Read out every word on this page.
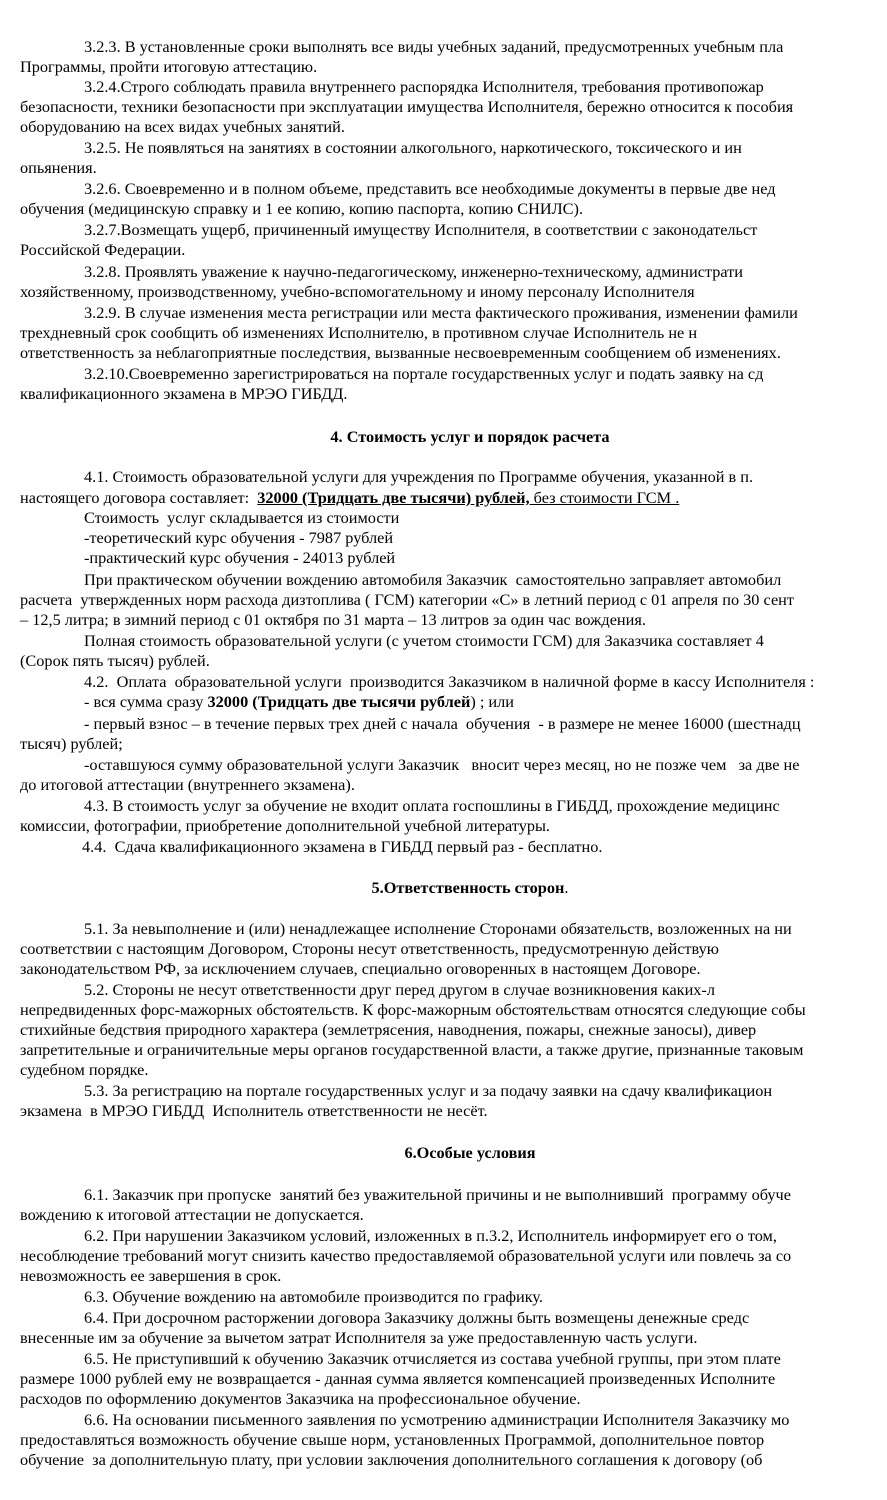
3.2.3. В установленные сроки выполнять все виды учебных заданий, предусмотренных учебным пла
Программы, пройти итоговую аттестацию.
3.2.4.Строго соблюдать правила внутреннего распорядка Исполнителя, требования противопожар
безопасности, техники безопасности при эксплуатации имущества Исполнителя, бережно относится к пособия
оборудованию на всех видах учебных занятий.
3.2.5. Не появляться на занятиях в состоянии алкогольного, наркотического, токсического и ин
опьянения.
3.2.6. Своевременно и в полном объеме, представить все необходимые документы в первые две нед
обучения (медицинскую справку и 1 ее копию, копию паспорта, копию СНИЛС).
3.2.7.Возмещать ущерб, причиненный имуществу Исполнителя, в соответствии с законодательст
Российской Федерации.
3.2.8. Проявлять уважение к научно-педагогическому, инженерно-техническому, администрати
хозяйственному, производственному, учебно-вспомогательному и иному персоналу Исполнителя
3.2.9. В случае изменения места регистрации или места фактического проживания, изменении фамили
трехдневный срок сообщить об изменениях Исполнителю, в противном случае Исполнитель не н
ответственность за неблагоприятные последствия, вызванные несвоевременным сообщением об изменениях.
3.2.10.Своевременно зарегистрироваться на портале государственных услуг и подать заявку на сд
квалификационного экзамена в МРЭО ГИБДД.
4. Стоимость услуг и порядок расчета
4.1. Стоимость образовательной услуги для учреждения по Программе обучения, указанной в п.
настоящего договора составляет:  32000 (Тридцать две тысячи) рублей, без стоимости ГСМ .
Стоимость  услуг складывается из стоимости
-теоретический курс обучения - 7987 рублей
-практический курс обучения - 24013 рублей
При практическом обучении вождению автомобиля Заказчик  самостоятельно заправляет автомобил
расчета  утвержденных норм расхода дизтоплива ( ГСМ) категории «С» в летний период с 01 апреля по 30 сент
– 12,5 литра; в зимний период с 01 октября по 31 марта – 13 литров за один час вождения.
Полная стоимость образовательной услуги (с учетом стоимости ГСМ) для Заказчика составляет 4
(Сорок пять тысяч) рублей.
4.2.  Оплата  образовательной услуги  производится Заказчиком в наличной форме в кассу Исполнителя :
- вся сумма сразу 32000 (Тридцать две тысячи рублей) ; или
- первый взнос – в течение первых трех дней с начала  обучения  - в размере не менее 16000 (шестнадц
тысяч) рублей;
-оставшуюся сумму образовательной услуги Заказчик   вносит через месяц, но не позже чем   за две не
до итоговой аттестации (внутреннего экзамена).
4.3. В стоимость услуг за обучение не входит оплата госпошлины в ГИБДД, прохождение медицинс
комиссии, фотографии, приобретение дополнительной учебной литературы.
4.4.  Сдача квалификационного экзамена в ГИБДД первый раз - бесплатно.
5.Ответственность сторон.
5.1. За невыполнение и (или) ненадлежащее исполнение Сторонами обязательств, возложенных на ни
соответствии с настоящим Договором, Стороны несут ответственность, предусмотренную действую
законодательством РФ, за исключением случаев, специально оговоренных в настоящем Договоре.
5.2. Стороны не несут ответственности друг перед другом в случае возникновения каких-л
непредвиденных форс-мажорных обстоятельств. К форс-мажорным обстоятельствам относятся следующие собы
стихийные бедствия природного характера (землетрясения, наводнения, пожары, снежные заносы), дивер
запретительные и ограничительные меры органов государственной власти, а также другие, признанные таковым
судебном порядке.
5.3. За регистрацию на портале государственных услуг и за подачу заявки на сдачу квалификацион
экзамена  в МРЭО ГИБДД  Исполнитель ответственности не несёт.
6.Особые условия
6.1. Заказчик при пропуске  занятий без уважительной причины и не выполнивший  программу обуче
вождению к итоговой аттестации не допускается.
6.2. При нарушении Заказчиком условий, изложенных в п.3.2, Исполнитель информирует его о том,
несоблюдение требований могут снизить качество предоставляемой образовательной услуги или повлечь за со
невозможность ее завершения в срок.
6.3. Обучение вождению на автомобиле производится по графику.
6.4. При досрочном расторжении договора Заказчику должны быть возмещены денежные средс
внесенные им за обучение за вычетом затрат Исполнителя за уже предоставленную часть услуги.
6.5. Не приступивший к обучению Заказчик отчисляется из состава учебной группы, при этом плате
размере 1000 рублей ему не возвращается - данная сумма является компенсацией произведенных Исполните
расходов по оформлению документов Заказчика на профессиональное обучение.
6.6. На основании письменного заявления по усмотрению администрации Исполнителя Заказчику мо
предоставляться возможность обучение свыше норм, установленных Программой, дополнительное повтор
обучение  за дополнительную плату, при условии заключения дополнительного соглашения к договору (об
